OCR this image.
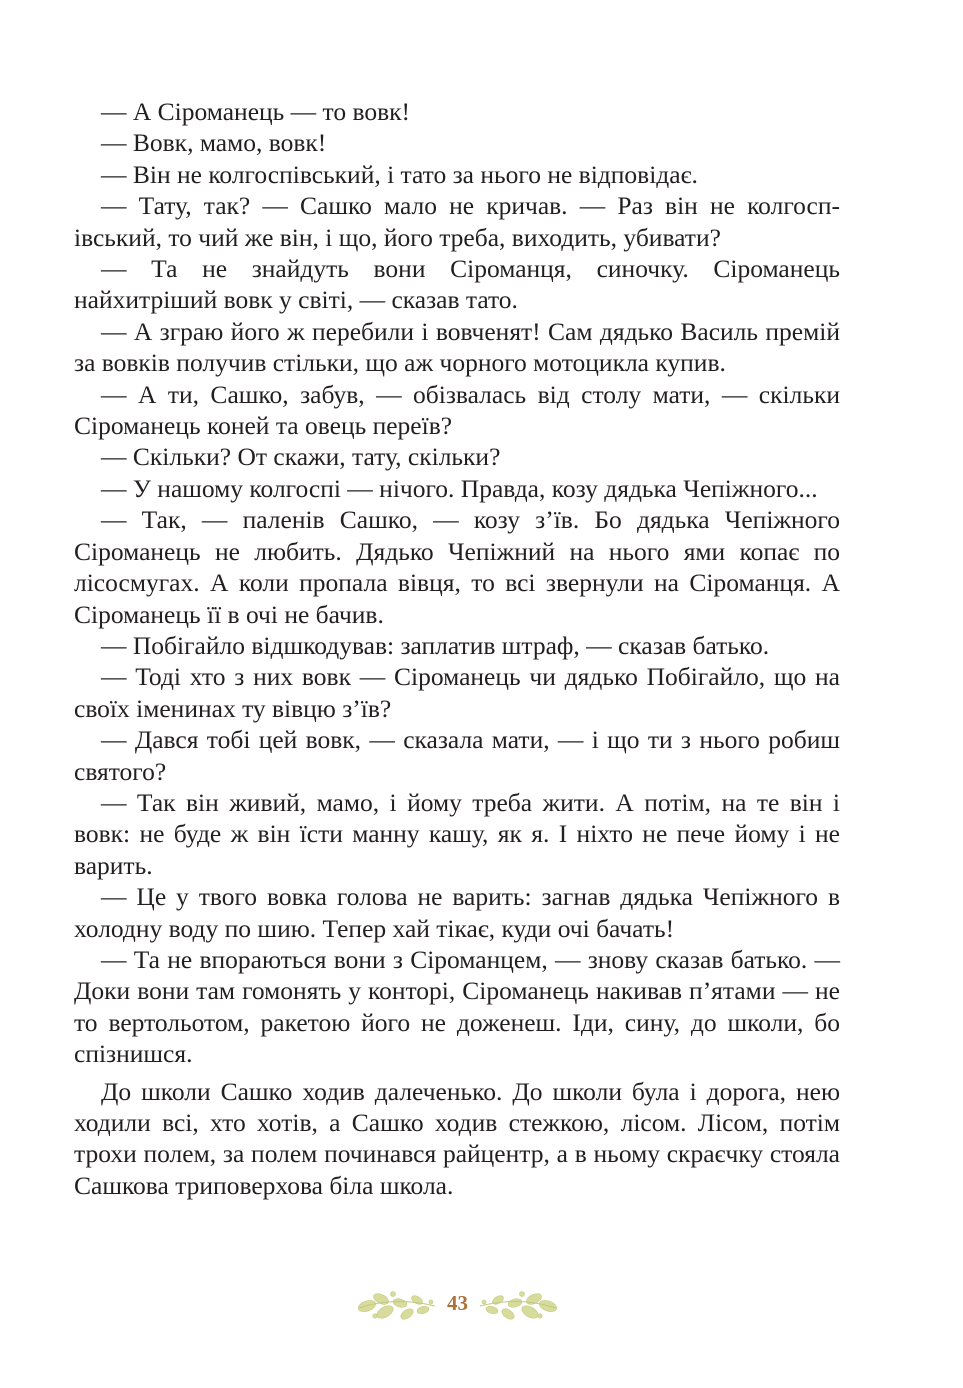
— А Сіроманець — то вовк!

— Вовк, мамо, вовк!

— Він не колгоспівський, і тато за нього не відповідає.

— Тату, так? — Сашко мало не кричав. — Раз він не колгоспівський, то чий же він, і що, його треба, виходить, убивати?

— Та не знайдуть вони Сіроманця, синочку. Сіроманець найхитріший вовк у світі, — сказав тато.

— А зграю його ж перебили і вовченят! Сам дядько Василь премій за вовків получив стільки, що аж чорного мотоцикла купив.

— А ти, Сашко, забув, — обізвалась від столу мати, — скільки Сіроманець коней та овець переїв?

— Скільки? От скажи, тату, скільки?

— У нашому колгоспі — нічого. Правда, козу дядька Чепіжного...

— Так, — паленів Сашко, — козу з’їв. Бо дядька Чепіжного Сіроманець не любить. Дядько Чепіжний на нього ями копає по лісосмугах. А коли пропала вівця, то всі звернули на Сіроманця. А Сіроманець її в очі не бачив.

— Побігайло відшкодував: заплатив штраф, — сказав батько.

— Тоді хто з них вовк — Сіроманець чи дядько Побігайло, що на своїх іменинах ту вівцю з’їв?

— Дався тобі цей вовк, — сказала мати, — і що ти з нього робиш святого?

— Так він живий, мамо, і йому треба жити. А потім, на те він і вовк: не буде ж він їсти манну кашу, як я. І ніхто не пече йому і не варить.

— Це у твого вовка голова не варить: загнав дядька Чепіжного в холодну воду по шию. Тепер хай тікає, куди очі бачать!

— Та не впораються вони з Сіроманцем, — знову сказав батько. — Доки вони там гомонять у конторі, Сіроманець накивав п’ятами — не то вертольотом, ракетою його не доженеш. Іди, сину, до школи, бо спізнишся.

До школи Сашко ходив далеченько. До школи була і дорога, нею ходили всі, хто хотів, а Сашко ходив стежкою, лісом. Лісом, потім трохи полем, за полем починався райцентр, а в ньому скраєчку стояла Сашкова триповерхова біла школа.

43
